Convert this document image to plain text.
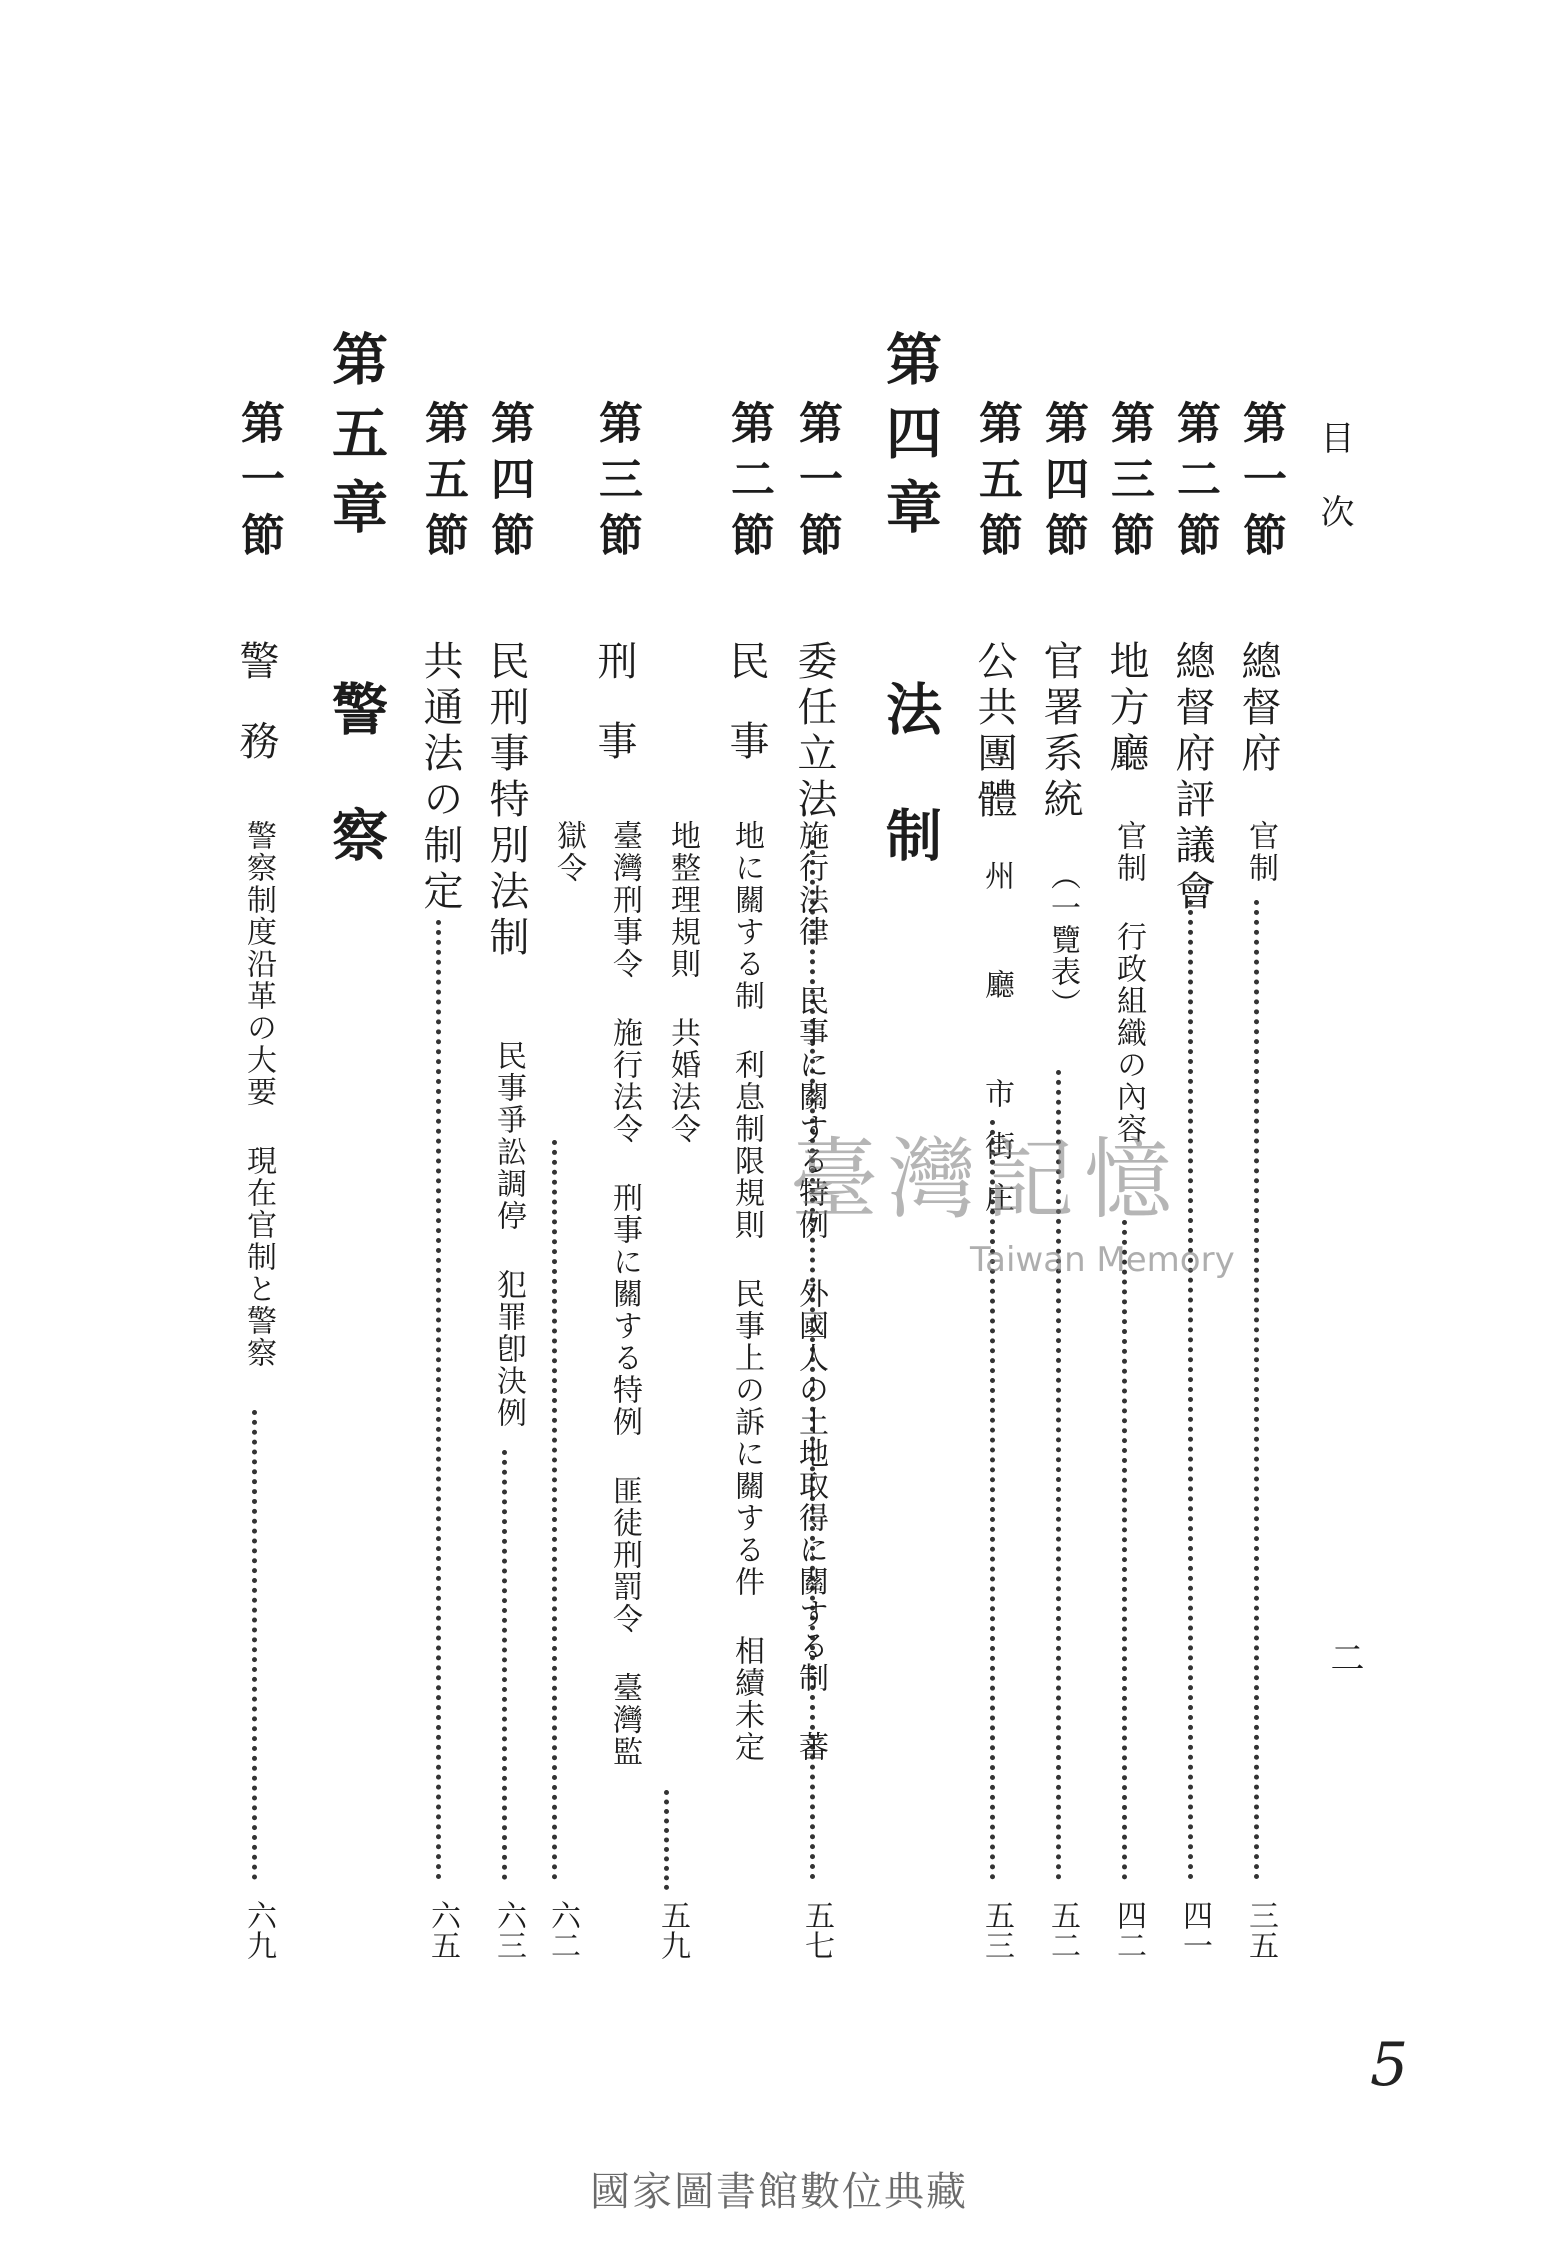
目次
二
第一節
總督府
官制
三五
第二節
總督府評議會
四一
第三節
地方廳
官制 行政組織の內容
四二
第四節
官署系統
（一覽表）
五二
第五節
公共團體
州 廳 市街庄
五三
第四章
法制
第一節
委任立法
五七
第二節
民事
施行法律 民事に關する特例 外國人の土地取得に關する制 蕃地に關する制 利息制限規則 民事上の訴に關する件 相續未定地整理規則 共婚法令
五九
第三節
刑事
臺灣刑事令 施行法令 刑事に關する特例 匪徒刑罰令 臺灣監獄令
六二
第四節
民刑事特別法制
民事爭訟調停 犯罪卽決例
六三
第五節
共通法の制定
六五
第五章
警察
第一節
警務
警察制度沿革の大要 現在官制と警察
六九
臺灣記憶
Taiwan Memory
5
國家圖書館數位典藏
